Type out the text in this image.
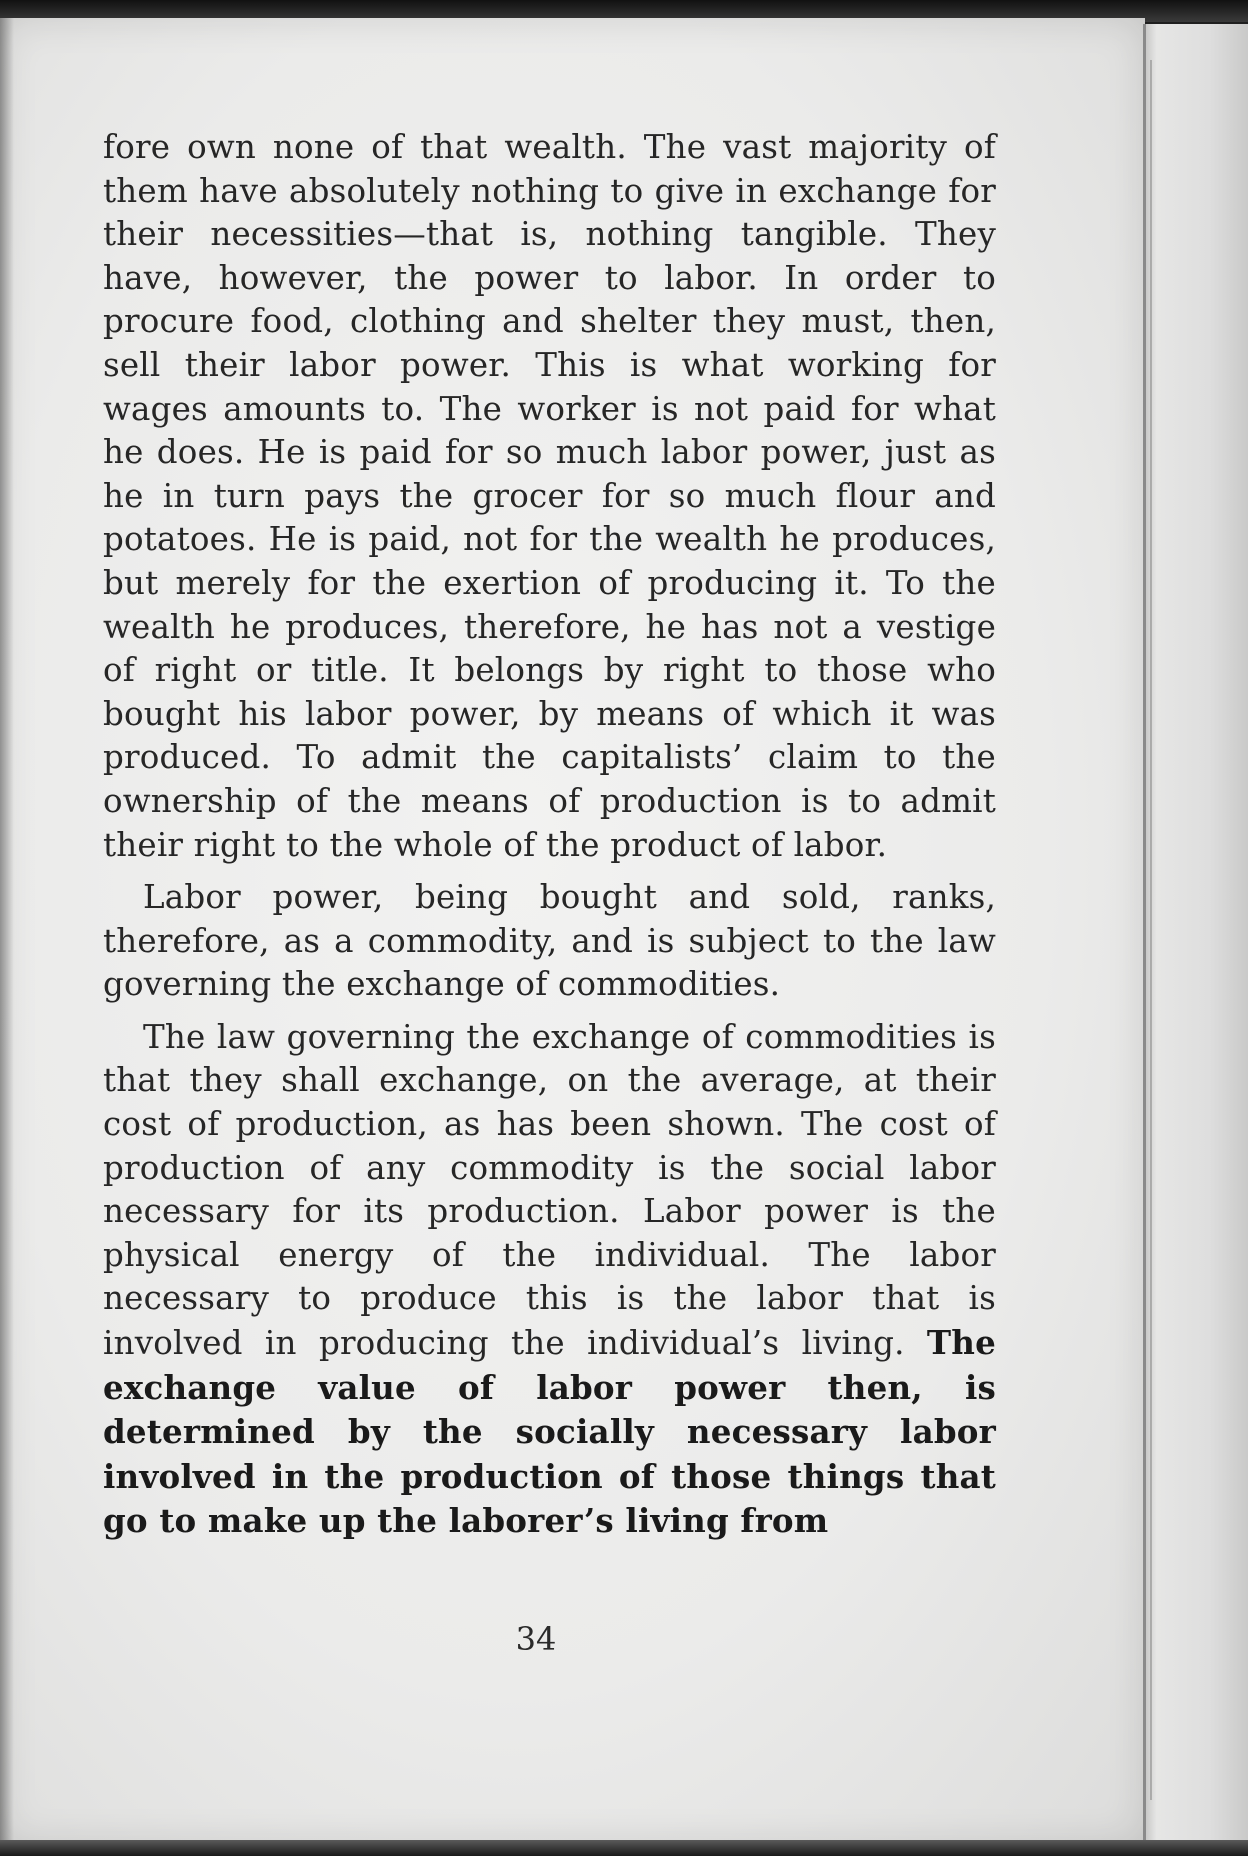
fore own none of that wealth. The vast majority of them have absolutely nothing to give in exchange for their necessities—that is, nothing tangible. They have, however, the power to labor. In order to procure food, clothing and shelter they must, then, sell their labor power. This is what working for wages amounts to. The worker is not paid for what he does. He is paid for so much labor power, just as he in turn pays the grocer for so much flour and potatoes. He is paid, not for the wealth he produces, but merely for the exertion of producing it. To the wealth he produces, therefore, he has not a vestige of right or title. It belongs by right to those who bought his labor power, by means of which it was produced. To admit the capitalists’ claim to the ownership of the means of production is to admit their right to the whole of the product of labor.

Labor power, being bought and sold, ranks, therefore, as a commodity, and is subject to the law governing the exchange of commodities.

The law governing the exchange of commodities is that they shall exchange, on the average, at their cost of production, as has been shown. The cost of production of any commodity is the social labor necessary for its production. Labor power is the physical energy of the individual. The labor necessary to produce this is the labor that is involved in producing the individual’s living. The exchange value of labor power then, is determined by the socially necessary labor involved in the production of those things that go to make up the laborer’s living from

34
